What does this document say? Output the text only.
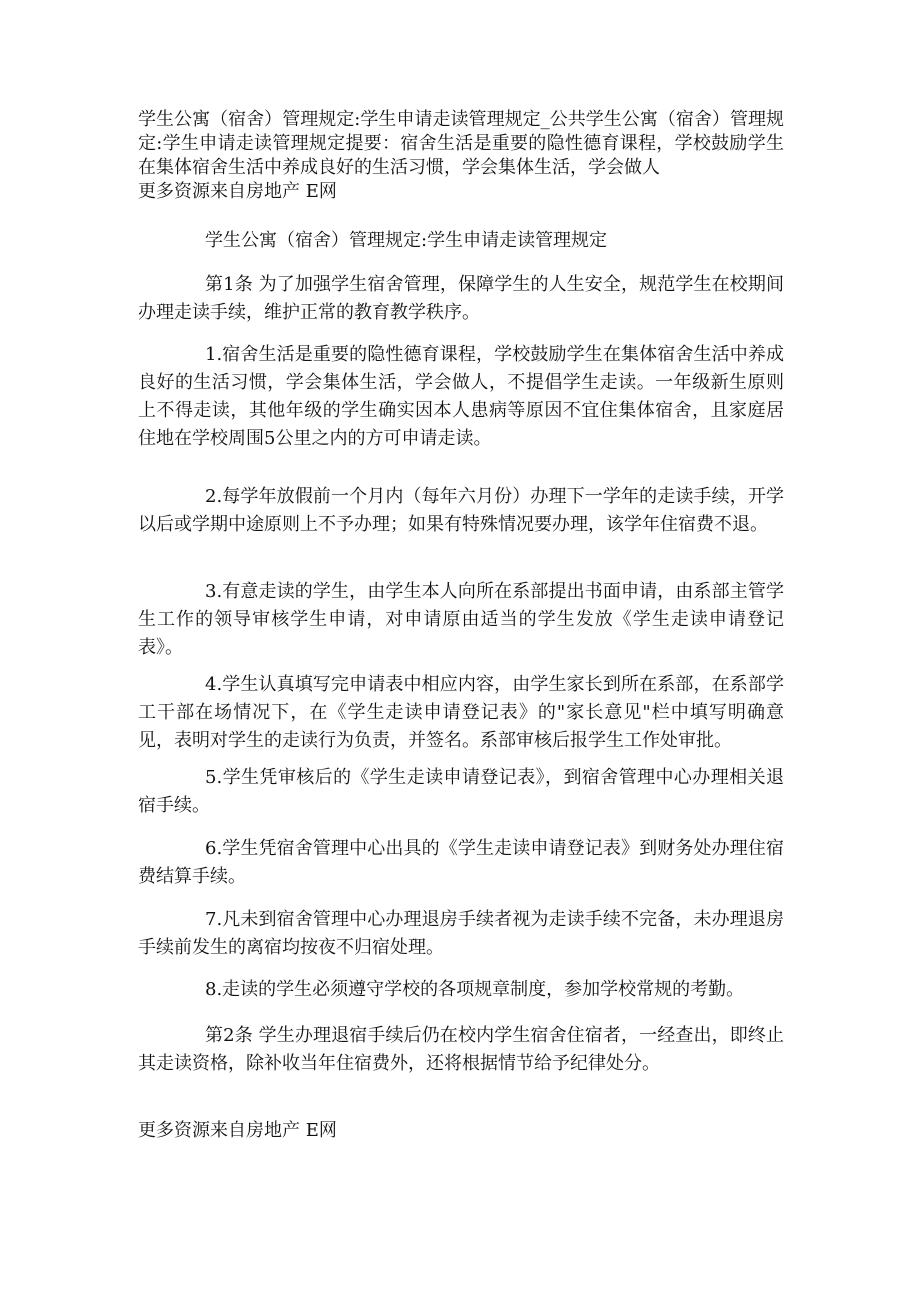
学生公寓（宿舍）管理规定:学生申请走读管理规定_公共学生公寓（宿舍）管理规定:学生申请走读管理规定提要：宿舍生活是重要的隐性德育课程，学校鼓励学生在集体宿舍生活中养成良好的生活习惯，学会集体生活，学会做人
更多资源来自房地产 E网

学生公寓（宿舍）管理规定:学生申请走读管理规定

第1条 为了加强学生宿舍管理，保障学生的人生安全，规范学生在校期间办理走读手续，维护正常的教育教学秩序。

1.宿舍生活是重要的隐性德育课程，学校鼓励学生在集体宿舍生活中养成良好的生活习惯，学会集体生活，学会做人，不提倡学生走读。一年级新生原则上不得走读，其他年级的学生确实因本人患病等原因不宜住集体宿舍，且家庭居住地在学校周围5公里之内的方可申请走读。

2.每学年放假前一个月内（每年六月份）办理下一学年的走读手续，开学以后或学期中途原则上不予办理；如果有特殊情况要办理，该学年住宿费不退。

3.有意走读的学生，由学生本人向所在系部提出书面申请，由系部主管学生工作的领导审核学生申请，对申请原由适当的学生发放《学生走读申请登记表》。

4.学生认真填写完申请表中相应内容，由学生家长到所在系部，在系部学工干部在场情况下，在《学生走读申请登记表》的"家长意见"栏中填写明确意见，表明对学生的走读行为负责，并签名。系部审核后报学生工作处审批。

5.学生凭审核后的《学生走读申请登记表》，到宿舍管理中心办理相关退宿手续。

6.学生凭宿舍管理中心出具的《学生走读申请登记表》到财务处办理住宿费结算手续。

7.凡未到宿舍管理中心办理退房手续者视为走读手续不完备，未办理退房手续前发生的离宿均按夜不归宿处理。

8.走读的学生必须遵守学校的各项规章制度，参加学校常规的考勤。

第2条 学生办理退宿手续后仍在校内学生宿舍住宿者，一经查出，即终止其走读资格，除补收当年住宿费外，还将根据情节给予纪律处分。

更多资源来自房地产 E网
